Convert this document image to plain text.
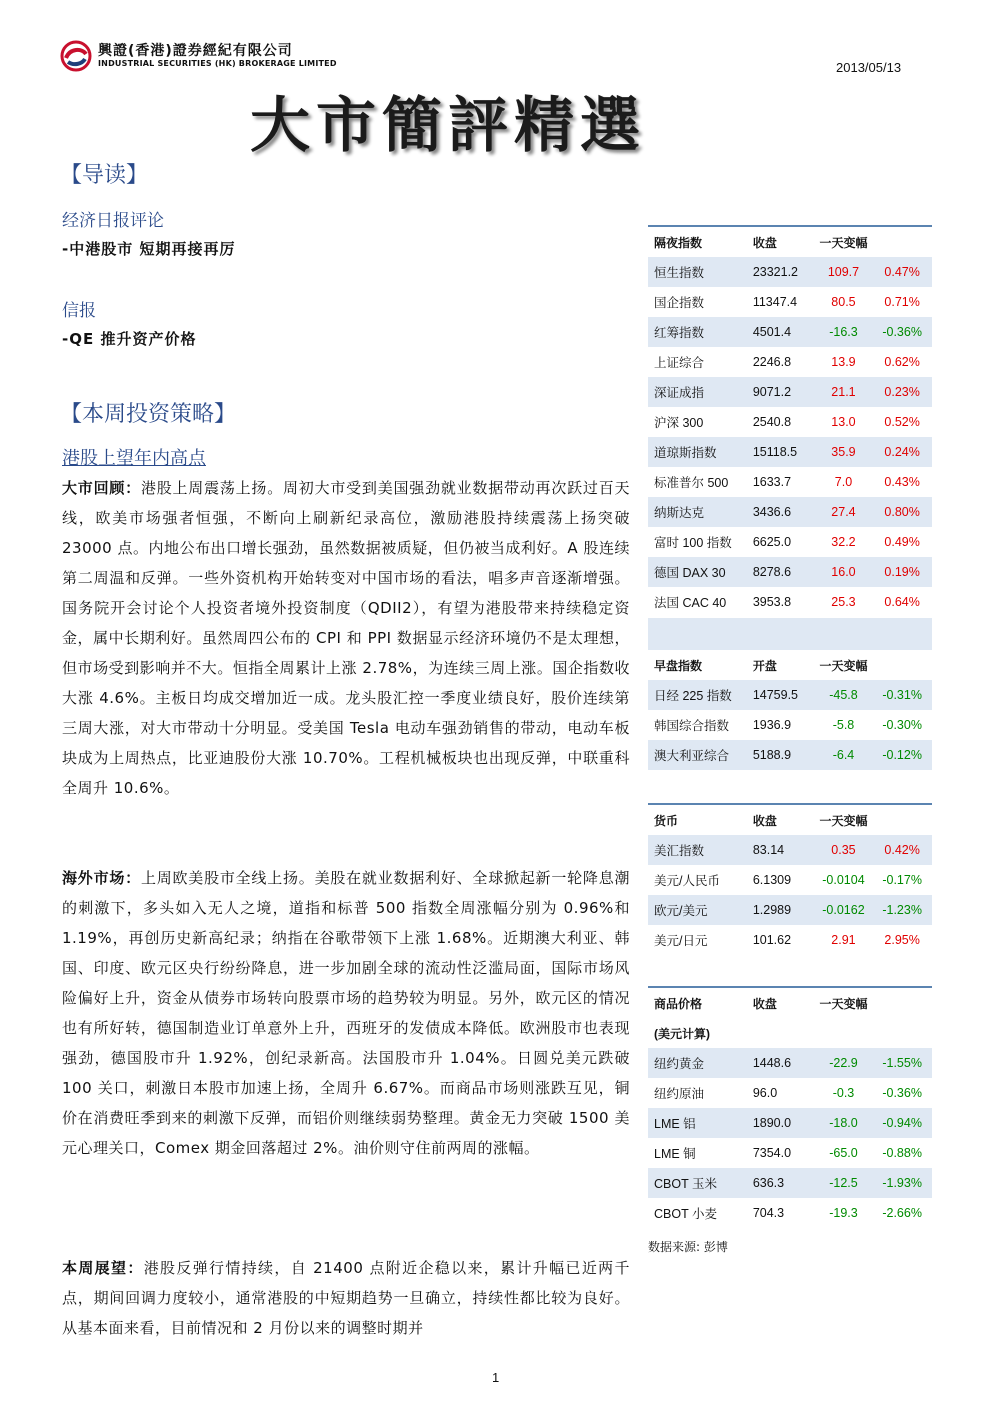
興證(香港)證券經紀有限公司
INDUSTRIAL SECURITIES (HK) BROKERAGE LIMITED	2013/05/13
大市簡評精選
【导读】
经济日报评论
-中港股市 短期再接再厉
信报
-QE 推升资产价格
【本周投资策略】
港股上望年内高点

大市回顾：港股上周震荡上扬。周初大市受到美国强劲就业数据带动再次跃过百天线，欧美市场强者恒强，不断向上刷新纪录高位，激励港股持续震荡上扬突破 23000 点。内地公布出口增长强劲，虽然数据被质疑，但仍被当成利好。A 股连续第二周温和反弹。一些外资机构开始转变对中国市场的看法，唱多声音逐渐增强。国务院开会讨论个人投资者境外投资制度（QDII2），有望为港股带来持续稳定资金，属中长期利好。虽然周四公布的 CPI 和 PPI 数据显示经济环境仍不是太理想，但市场受到影响并不大。恒指全周累计上涨 2.78%，为连续三周上涨。国企指数收大涨 4.6%。主板日均成交增加近一成。龙头股汇控一季度业绩良好，股价连续第三周大涨，对大市带动十分明显。受美国 Tesla 电动车强劲销售的带动，电动车板块成为上周热点，比亚迪股份大涨 10.70%。工程机械板块也出现反弹，中联重科全周升 10.6%。

海外市场：上周欧美股市全线上扬。美股在就业数据利好、全球掀起新一轮降息潮的刺激下，多头如入无人之境，道指和标普 500 指数全周涨幅分别为 0.96%和 1.19%，再创历史新高纪录；纳指在谷歌带领下上涨 1.68%。近期澳大利亚、韩国、印度、欧元区央行纷纷降息，进一步加剧全球的流动性泛滥局面，国际市场风险偏好上升，资金从债券市场转向股票市场的趋势较为明显。另外，欧元区的情况也有所好转，德国制造业订单意外上升，西班牙的发债成本降低。欧洲股市也表现强劲，德国股市升 1.92%，创纪录新高。法国股市升 1.04%。日圆兑美元跌破 100 关口，刺激日本股市加速上扬，全周升 6.67%。而商品市场则涨跌互见，铜价在消费旺季到来的刺激下反弹，而铝价则继续弱势整理。黄金无力突破 1500 美元心理关口，Comex 期金回落超过 2%。油价则守住前两周的涨幅。

本周展望：港股反弹行情持续，自 21400 点附近企稳以来，累计升幅已近两千点，期间回调力度较小，通常港股的中短期趋势一旦确立，持续性都比较为良好。从基本面来看，目前情况和 2 月份以来的调整时期并

隔夜指数	收盘	一天变幅	
恒生指数	23321.2	109.7	0.47%
国企指数	11347.4	80.5	0.71%
红筹指数	4501.4	-16.3	-0.36%
上证综合	2246.8	13.9	0.62%
深证成指	9071.2	21.1	0.23%
沪深 300	2540.8	13.0	0.52%
道琼斯指数	15118.5	35.9	0.24%
标准普尔 500	1633.7	7.0	0.43%
纳斯达克	3436.6	27.4	0.80%
富时 100 指数	6625.0	32.2	0.49%
德国 DAX 30	8278.6	16.0	0.19%
法国 CAC 40	3953.8	25.3	0.64%
早盘指数	开盘	一天变幅	
日经 225 指数	14759.5	-45.8	-0.31%
韩国综合指数	1936.9	-5.8	-0.30%
澳大利亚综合	5188.9	-6.4	-0.12%
货币	收盘	一天变幅	
美汇指数	83.14	0.35	0.42%
美元/人民币	6.1309	-0.0104	-0.17%
欧元/美元	1.2989	-0.0162	-1.23%
美元/日元	101.62	2.91	2.95%
商品价格	收盘	一天变幅	
(美元计算)			
纽约黄金	1448.6	-22.9	-1.55%
纽约原油	96.0	-0.3	-0.36%
LME 铝	1890.0	-18.0	-0.94%
LME 铜	7354.0	-65.0	-0.88%
CBOT 玉米	636.3	-12.5	-1.93%
CBOT 小麦	704.3	-19.3	-2.66%
数据来源: 彭博
1
